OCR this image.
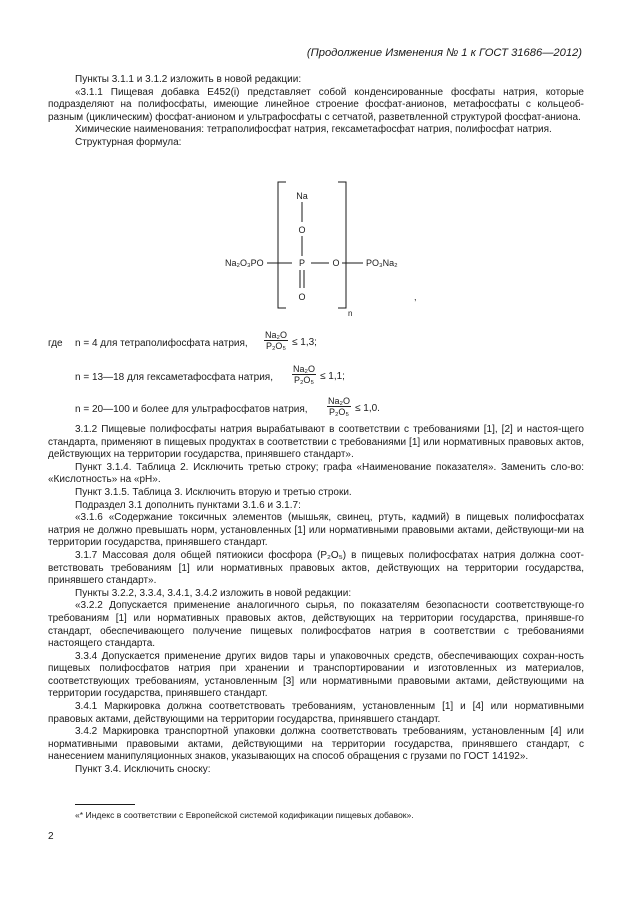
(Продолжение Изменения № 1 к ГОСТ 31686—2012)

Пункты 3.1.1 и 3.1.2 изложить в новой редакции:

«3.1.1 Пищевая добавка Е452(i) представляет собой конденсированные фосфаты натрия, которые подразделяют на полифосфаты, имеющие линейное строение фосфат-анионов, метафосфаты с кольцеоб-разным (циклическим) фосфат-анионом и ультрафосфаты с сетчатой, разветвленной структурой фосфат-аниона.

Химические наименования: тетраполифосфат натрия, гексаметафосфат натрия, полифосфат натрия.

Структурная формула:

Na
O
Na₂O₃PO	P	O	PO₃Na₂
O
n
,
где n = 4 для тетраполифосфата натрия, $\frac{\text{Na₂O}}{\text{P₂O₅}} \le 1,3$;
n = 13—18 для гексаметафосфата натрия, $\frac{\text{Na₂O}}{\text{P₂O₅}} \le 1,1$;
n = 20—100 и более для ультрафосфатов натрия, $\frac{\text{Na₂O}}{\text{P₂O₅}} \le 1,0$.

3.1.2 Пищевые полифосфаты натрия вырабатывают в соответствии с требованиями [1], [2] и настоя-щего стандарта, применяют в пищевых продуктах в соответствии с требованиями [1] или нормативных правовых актов, действующих на территории государства, принявшего стандарт».

Пункт 3.1.4. Таблица 2. Исключить третью строку; графа «Наименование показателя». Заменить сло-во: «Кислотность» на «pH».

Пункт 3.1.5. Таблица 3. Исключить вторую и третью строки.

Подраздел 3.1 дополнить пунктами 3.1.6 и 3.1.7:

«3.1.6 «Содержание токсичных элементов (мышьяк, свинец, ртуть, кадмий) в пищевых полифосфатах натрия не должно превышать норм, установленных [1] или нормативными правовыми актами, действующи-ми на территории государства, принявшего стандарт.

3.1.7 Массовая доля общей пятиокиси фосфора (P₂O₅) в пищевых полифосфатах натрия должна соот-ветствовать требованиям [1] или нормативных правовых актов, действующих на территории государства, принявшего стандарт».

Пункты 3.2.2, 3.3.4, 3.4.1, 3.4.2 изложить в новой редакции:

«3.2.2 Допускается применение аналогичного сырья, по показателям безопасности соответствующе-го требованиям [1] или нормативных правовых актов, действующих на территории государства, принявше-го стандарт, обеспечивающего получение пищевых полифосфатов натрия в соответствии с требованиями настоящего стандарта.

3.3.4 Допускается применение других видов тары и упаковочных средств, обеспечивающих сохран-ность пищевых полифосфатов натрия при хранении и транспортировании и изготовленных из материалов, соответствующих требованиям, установленным [3] или нормативными правовыми актами, действующими на территории государства, принявшего стандарт.

3.4.1 Маркировка должна соответствовать требованиям, установленным [1] и [4] или нормативными правовых актами, действующими на территории государства, принявшего стандарт.

3.4.2 Маркировка транспортной упаковки должна соответствовать требованиям, установленным [4] или нормативными правовыми актами, действующими на территории государства, принявшего стандарт, с нанесением манипуляционных знаков, указывающих на способ обращения с грузами по ГОСТ 14192».

Пункт 3.4. Исключить сноску:

«* Индекс в соответствии с Европейской системой кодификации пищевых добавок».
2
